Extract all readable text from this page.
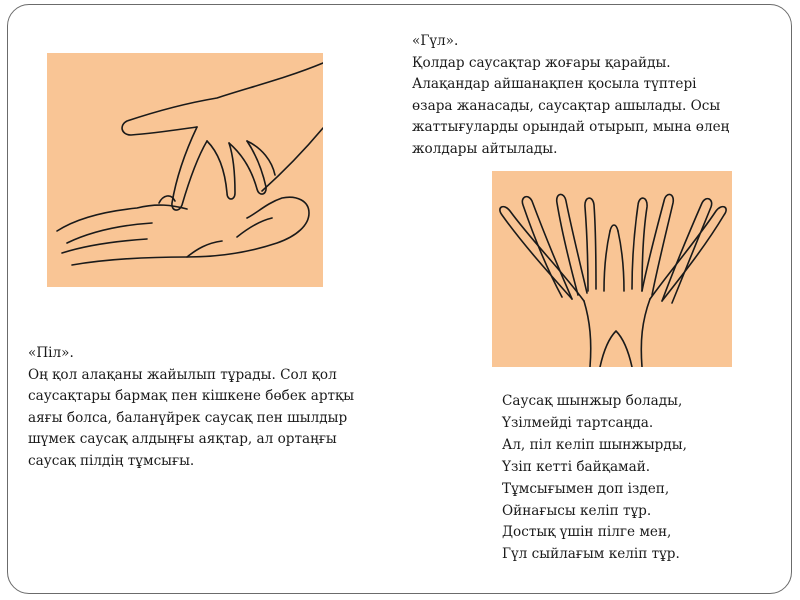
«Гүл».
Қолдар саусақтар жоғары қарайды.
Алақандар айшанақпен қосыла түптері
өзара жанасады, саусақтар ашылады. Осы
жаттығуларды орындай отырып, мына өлең
жолдары айтылады.
«Піл».
Оң қол алақаны жайылып тұрады. Сол қол
саусақтары бармақ пен кішкене бөбек артқы
аяғы болса, баланүйрек саусақ пен шылдыр
шүмек саусақ алдыңғы аяқтар, ал ортаңғы
саусақ пілдің тұмсығы.
Саусақ шынжыр болады,
Үзілмейді тартсаңда.
Ал, піл келіп шынжырды,
Үзіп кетті байқамай.
Тұмсығымен доп іздеп,
Ойнағысы келіп тұр.
Достық үшін пілге мен,
Гүл сыйлағым келіп тұр.
